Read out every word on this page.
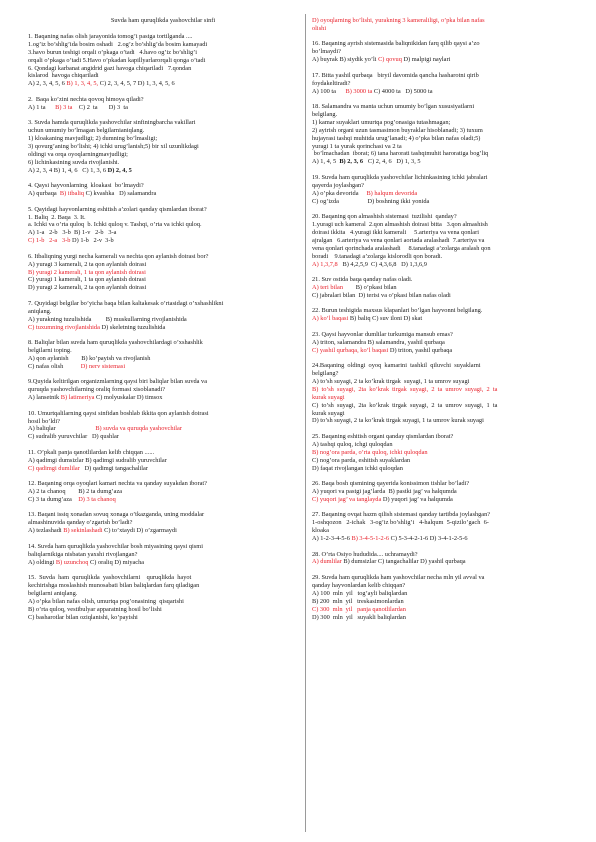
Suvda ham quruqlikda yashovchilar sinfi
1. Baqaning nafas olish jarayonida tomog’i pastga tortilganda ....
1.og’iz bo’shlig’ida bosim oshadi   2.og’z bo’shlig’da bosim kamayadi
3.havo burun teshigi orqali o’pkaga o’tadi   4.havo og’iz bo’shlig’i
orqali o’pkaga o’tadi 5.Havo o’pkadan kapillyarlarorqali qonga o’tadi
6. Qondagi karbanat angidrid gazi havoga chiqariladi   7.qondan
kislarod  havoga chiqariladi
A) 2, 3, 4, 5, 6 B) 1, 3, 4, 5, C) 2, 3, 4, 5, 7 D) 1, 3, 4, 5, 6
2.  Baqa ko’zini nechta qovoq himoya qiladi?
A) 1 ta      B) 3 ta    C) 2  ta       D) 3  ta
3. Suvda hamda quruqlikda yashovchilar sinfiningbarcha vakillari
uchun umumiy bo’lmagan belgilarnianiqlang.
1) kloakaning mavjudligi; 2) dumning bo’lmasligi;
3) qovurg’aning bo’lishi; 4) ichki urug’lanish;5) bir xil uzunlikdagi
oldingi va orqa oyoqlarningmavjudligi;
6) lichinkasining suvda rivojlanishi.
A) 2, 3, 4 B) 1, 4, 6   C) 1, 3, 6 D) 2, 4, 5
4. Qaysi hayvonlarning  kloakasi  bo’lmaydi?
A) qurbaqa  B) itbaliq C) kvashka   D) salamandra
5. Qayidagi hayvonlarning eshitish a’zolari qanday qismlardan iborat?
1. Baliq  2. Baqa  3. It.
a. Ichki va o’rta quloq  b. Ichki quloq v. Tashqi, o’rta va ichki quloq.
A) 1-a   2-b   3-b  B) 1-v   2-b   3-a
C) 1-b   2-a   3-b D) 1-b   2-v  3-b
6. Itbaliqning yurgi necha kamerali va nechta qon aylanish doirasi bor?
A) yuragi 3 kamerali, 2 ta qon aylanish doirasi
B) yuragi 2 kamerali, 1 ta qon aylanish doirasi
C) yuragi 1 kamerali, 1 ta qon aylanish doirasi
D) yuragi 2 kamerali, 2 ta qon aylanish doirasi
7. Quyidagi belgilar bo’yicha baqa bilan kaltakesak o’rtasidagi o’xshashlikni
aniqlang.
A) yurakning tuzulishida         B) muskullarning rivojlanishida
C) tuxumning rivojlanishida D) skeletning tuzulishida
8. Baliqlar bilan suvda ham quruqlikda yashovchilardagi o’xshashlik
belgilarni toping.
A) qon aylanish        B) ko’payish va rivojlanish
C) nafas olish           D) nerv sistemasi
9.Quyida keltirilgan organizmlarning qaysi biri baliqlar bilan suvda va
quruqda yashovchilarning oraliq formasi xisoblanadi?
A) lansetnik B) latimeriya C) molyuskalar D) timsox
10. Umurtqalilarning qaysi sinfidan boshlab ikkita qon aylanish doirasi
hosil bo’ldi?
A) baliqlar                         B) suvda va quruqda yashovchilar
C) sudralib yuruvchilar   D) qushlar
11. O’pkali panja qanotlilardan kelib chiqqan ......
A) qadimgi dumsizlar B) qadimgi sudralib yuruvchilar
C) qadimgi dumlilar   D) qadimgi tangachalilar
12. Baqaning orqa oyoqlari kamari nechta va qanday suyakdan iborat?
A) 2 ta chanoq        B) 2 ta dumg’aza
C) 3 ta dumg’aza    D) 3 ta chanoq
13. Baqani issiq xonadan sovuq xonaga o’tkazganda, uning moddalar
almashinuvida qanday o’zgarish bo’ladi?
A) tezlashadi B) sekinlashadi C) to’xtaydi D) o’zgarmaydi
14. Suvda ham quruqlikda yashovchilar bosh miyasining qaysi qismi
baliqlarnikiga nisbatan yaxshi rivojlangan?
A) oldingi B) uzunchoq C) oraliq D) miyacha
15.  Suvda  ham  quruqlikda  yashovchilarni    quruqlikda  hayot
kechirishga moslashish munosabati bilan baliqlardan farq qiladigan
belgilarni aniqlang.
A) o’pka bilan nafas olish, umurtqa pog’onasining  qisqarishi
B) o’rta quloq, vestibulyar apparatning hosil bo’lishi
C) basharotlar bilan oziqlanishi, ko’payishi
D) oyoqlarning bo’lishi, yurakning 3 kameraliligi, o’pka bilan nafas
olishi
16. Baqaning ayrish sistemasida baliqnikidan farq qilib qaysi a’zo
bo’lmaydi?
A) buyrak B) siydik yo’li C) qovuq D) malpigi naylari
17. Bitta yashil qurbaqa   biryil davomida qancha hasharotni qirib
foydakeltiradi?
A) 100 ta      B) 3000 ta C) 4000 ta   D) 5000 ta
18. Salamandra va manta uchun umumiy bo’lgan xususiyatlarni
belgilang.
1) kamar suyaklari umurtqa pog’onasiga tutashmagan;
2) ayirish organi uzun tasmasimon buyraklar hisoblanadi; 3) tuxum
hujayrasi tashqi muhitda urug’lanadi; 4) o’pka bilan nafas oladi;5)
yuragi 1 ta yurak qorinchasi va 2 ta
bo’lmachadan  iborat; 6) tana harorati tashqimuhit haroratiga bog’liq
A) 1, 4, 5  B) 2, 3, 6   C) 2, 4, 6   D) 1, 3, 5
19. Suvda ham quruqlikda yashovchilar lichinkasining ichki jabralari
qayerda joylashgan?
A) o’pka devorida     B) halqum devorida
C) og’izda                  D) boshning ikki yonida
20. Baqaning qon almashish sistemasi  tuzilishi  qanday?
1.yuragi uch kameral  2.qon almashish doirasi bitta   3.qon almashish
doirasi ikkita   4.yuragi ikki kamerali     5.arteriya va vena qonlari
ajralgan   6.arteriya va vena qonlari aortada aralashadi  7.arteriya va
vena qonlari qorinchada aralashadi     8.tanadagi a’zolarga aralash qon
boradi    9.tanadagi a’zolarga kislorodli qon boradi.
A) 1,3,7,8   B) 4,2,5,9  C) 4,3,6,8   D) 1,3,6,9
21. Suv ostida baqa qanday nafas oladi.
A) teri bilan        B) o’pkasi bilan
C) jabralari bilan  D) terisi va o’pkasi bilan nafas oladi
22. Burun teshigida maxsus klapanlari bo’lgan hayvonni belgilang.
A) ko’l baqasi B) baliq C) suv iloni D) skat
23. Qaysi hayvonlar dumlilar turkumiga mansub emas?
A) triton, salamandra B) salamandra, yashil qurbaqa
C) yashil qurbaqa, ko’l baqasi D) triton, yashil qurbaqa
24.Baqaning  oldingi  oyoq  kamarini  tashkil  qiluvchi  suyaklarni
belgilang?
A) to’sh suyagi, 2 ta ko’krak tirgak  suyagi, 1 ta umrov suyagi
B)  to’sh  suyagi,  2ta  ko’krak  tirgak  suyagi,  2  ta  umrov  suyagi,  2  ta
kurak suyagi
C)  to’sh  suyagi,  2ta  ko’krak  tirgak  suyagi,  2  ta  umrov  suyagi,  1  ta
kurak suyagi
D) to’sh suyagi, 2 ta ko’krak tirgak suyagi, 1 ta umrov kurak suyagi
25. Baqaning eshitish organi qanday qismlardan iborat?
A) tashqi quloq, ichgi quloqdan
B) nog’ora parda, o’rta quloq, ichki quloqdan
C) nog’ora parda, eshitish suyaklardan
D) faqat rivojlangan ichki quloqdan
26. Baqa bosh qismining qayerida konissimon tishlar bo’ladi?
A) yuqori va pastgi jag’larda  B) pastki jag’ va halqumda
C) yuqori jag’ va tanglayda D) yuqori jag’ va halqumda
27. Baqaning ovqat hazm qilish sistemasi qanday tartibda joylashgan?
1-oshqozon   2-ichak   3-og’iz bo’shlig’i   4-halqum  5-qizilo’gach  6-
kloaka
A) 1-2-3-4-5-6 B) 3-4-5-1-2-6 C) 5-3-4-2-1-6 D) 3-4-1-2-5-6
28. O’rta Osiyo hududida.... uchramaydi?
A) dumlilar B) dumsizlar C) tangachalilar D) yashil qurbaqa
29. Suvda ham quruqlikda ham yashovchilar necha mln yil avval va
qanday hayvonlardan kelib chiqqan?
A) 100  mln  yil   tog’ayli baliqlardan
B) 200  mln  yil   treskasimonlardan
C) 300  mln  yil   panja qanotlilardan
D) 300  mln  yil   suyakli baliqlardan
